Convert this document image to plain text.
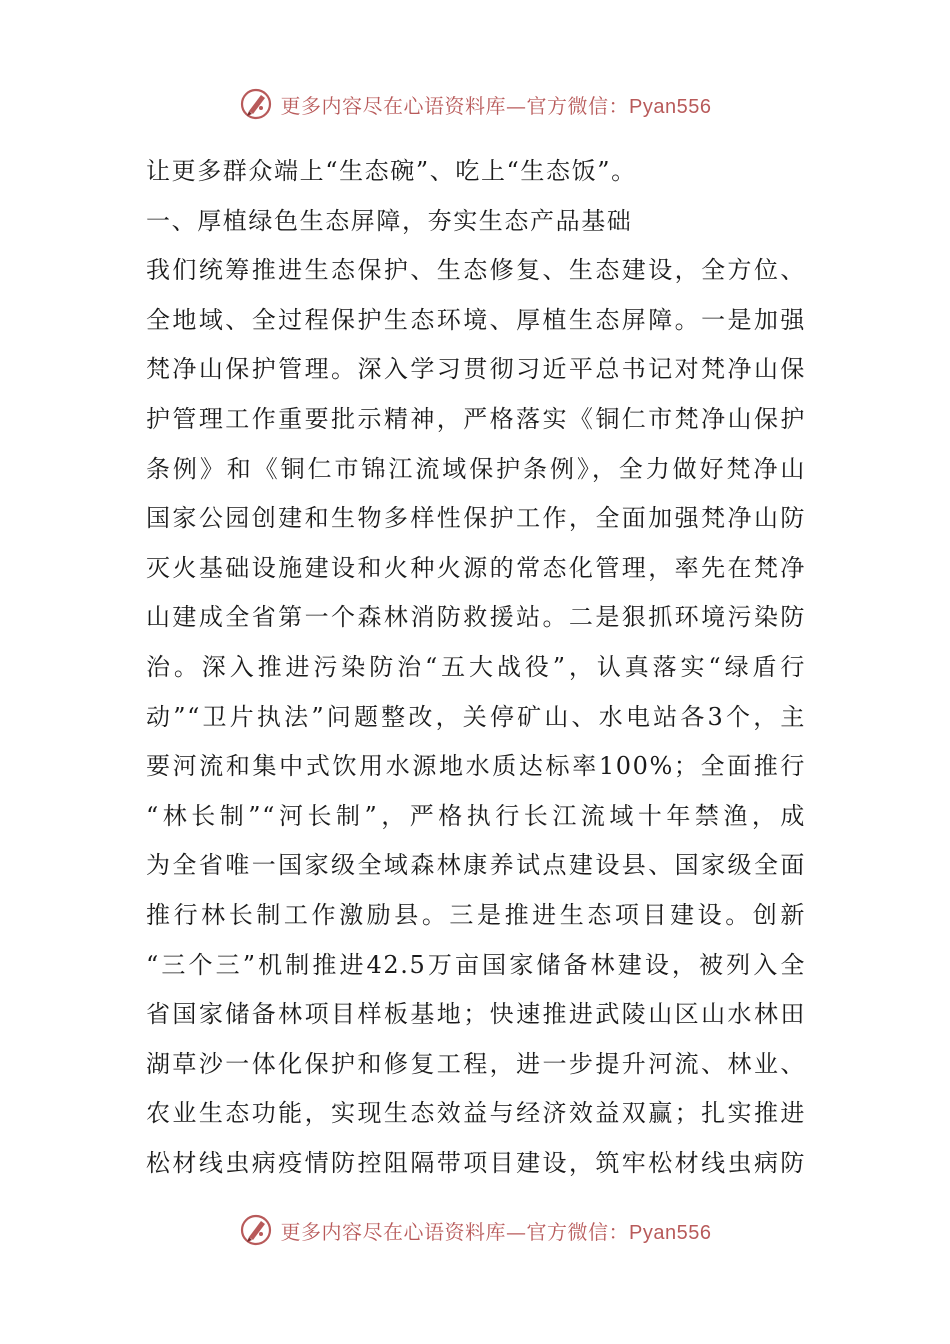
更多内容尽在心语资料库—官方微信：Pyan556
让更多群众端上“生态碗”、吃上“生态饭”。
一、厚植绿色生态屏障，夯实生态产品基础
我们统筹推进生态保护、生态修复、生态建设，全方位、
全地域、全过程保护生态环境、厚植生态屏障。一是加强
梵净山保护管理。深入学习贯彻习近平总书记对梵净山保
护管理工作重要批示精神，严格落实《铜仁市梵净山保护
条例》和《铜仁市锦江流域保护条例》，全力做好梵净山
国家公园创建和生物多样性保护工作，全面加强梵净山防
灭火基础设施建设和火种火源的常态化管理，率先在梵净
山建成全省第一个森林消防救援站。二是狠抓环境污染防
治。深入推进污染防治“五大战役”，认真落实“绿盾行
动”“卫片执法”问题整改，关停矿山、水电站各3个，主
要河流和集中式饮用水源地水质达标率100%；全面推行
“林长制”“河长制”，严格执行长江流域十年禁渔，成
为全省唯一国家级全域森林康养试点建设县、国家级全面
推行林长制工作激励县。三是推进生态项目建设。创新
“三个三”机制推进42.5万亩国家储备林建设，被列入全
省国家储备林项目样板基地；快速推进武陵山区山水林田
湖草沙一体化保护和修复工程，进一步提升河流、林业、
农业生态功能，实现生态效益与经济效益双赢；扎实推进
松材线虫病疫情防控阻隔带项目建设，筑牢松材线虫病防
更多内容尽在心语资料库—官方微信：Pyan556
